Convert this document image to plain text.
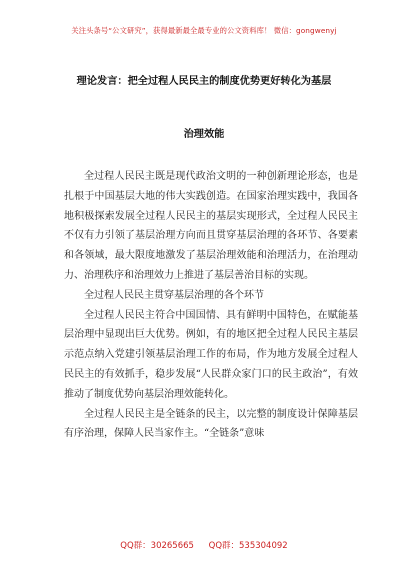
关注头条号“公文研究”，获得最新最全最专业的公文资料库！ 微信：gongwenyj
理论发言：把全过程人民民主的制度优势更好转化为基层
治理效能

全过程人民民主既是现代政治文明的一种创新理论形态，也是扎根于中国基层大地的伟大实践创造。在国家治理实践中，我国各地积极探索发展全过程人民民主的基层实现形式，全过程人民民主不仅有力引领了基层治理方向而且贯穿基层治理的各环节、各要素和各领域，最大限度地激发了基层治理效能和治理活力，在治理动力、治理秩序和治理效力上推进了基层善治目标的实现。

全过程人民民主贯穿基层治理的各个环节

全过程人民民主符合中国国情、具有鲜明中国特色，在赋能基层治理中显现出巨大优势。例如，有的地区把全过程人民民主基层示范点纳入党建引领基层治理工作的布局，作为地方发展全过程人民民主的有效抓手，稳步发展“人民群众家门口的民主政治”，有效推动了制度优势向基层治理效能转化。

全过程人民民主是全链条的民主，以完整的制度设计保障基层有序治理，保障人民当家作主。“全链条”意味

QQ群：30265665 QQ群：535304092
